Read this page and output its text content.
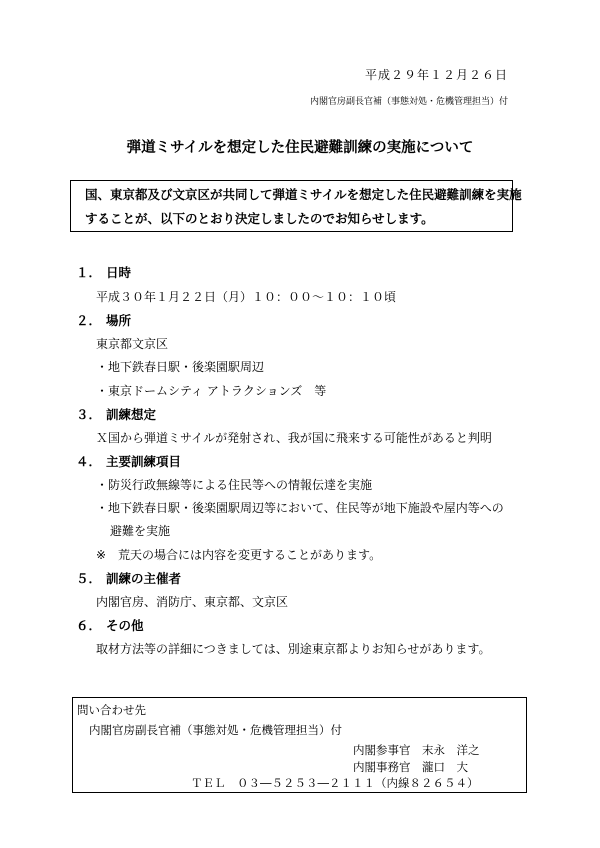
平成２９年１２月２６日
内閣官房副長官補（事態対処・危機管理担当）付
弾道ミサイルを想定した住民避難訓練の実施について
国、東京都及び文京区が共同して弾道ミサイルを想定した住民避難訓練を実施
することが、以下のとおり決定しましたのでお知らせします。
１． 日時
平成３０年１月２２日（月）１０：００～１０：１０頃
２． 場所
東京都文京区
・地下鉄春日駅・後楽園駅周辺
・東京ドームシティ アトラクションズ　等
３． 訓練想定
Ｘ国から弾道ミサイルが発射され、我が国に飛来する可能性があると判明
４． 主要訓練項目
・防災行政無線等による住民等への情報伝達を実施
・地下鉄春日駅・後楽園駅周辺等において、住民等が地下施設や屋内等への
避難を実施
※　荒天の場合には内容を変更することがあります。
５． 訓練の主催者
内閣官房、消防庁、東京都、文京区
６． その他
取材方法等の詳細につきましては、別途東京都よりお知らせがあります。
問い合わせ先
内閣官房副長官補（事態対処・危機管理担当）付
内閣参事官　末永　洋之
内閣事務官　瀧口　大
ＴＥＬ　０３―５２５３―２１１１（内線８２６５４）
